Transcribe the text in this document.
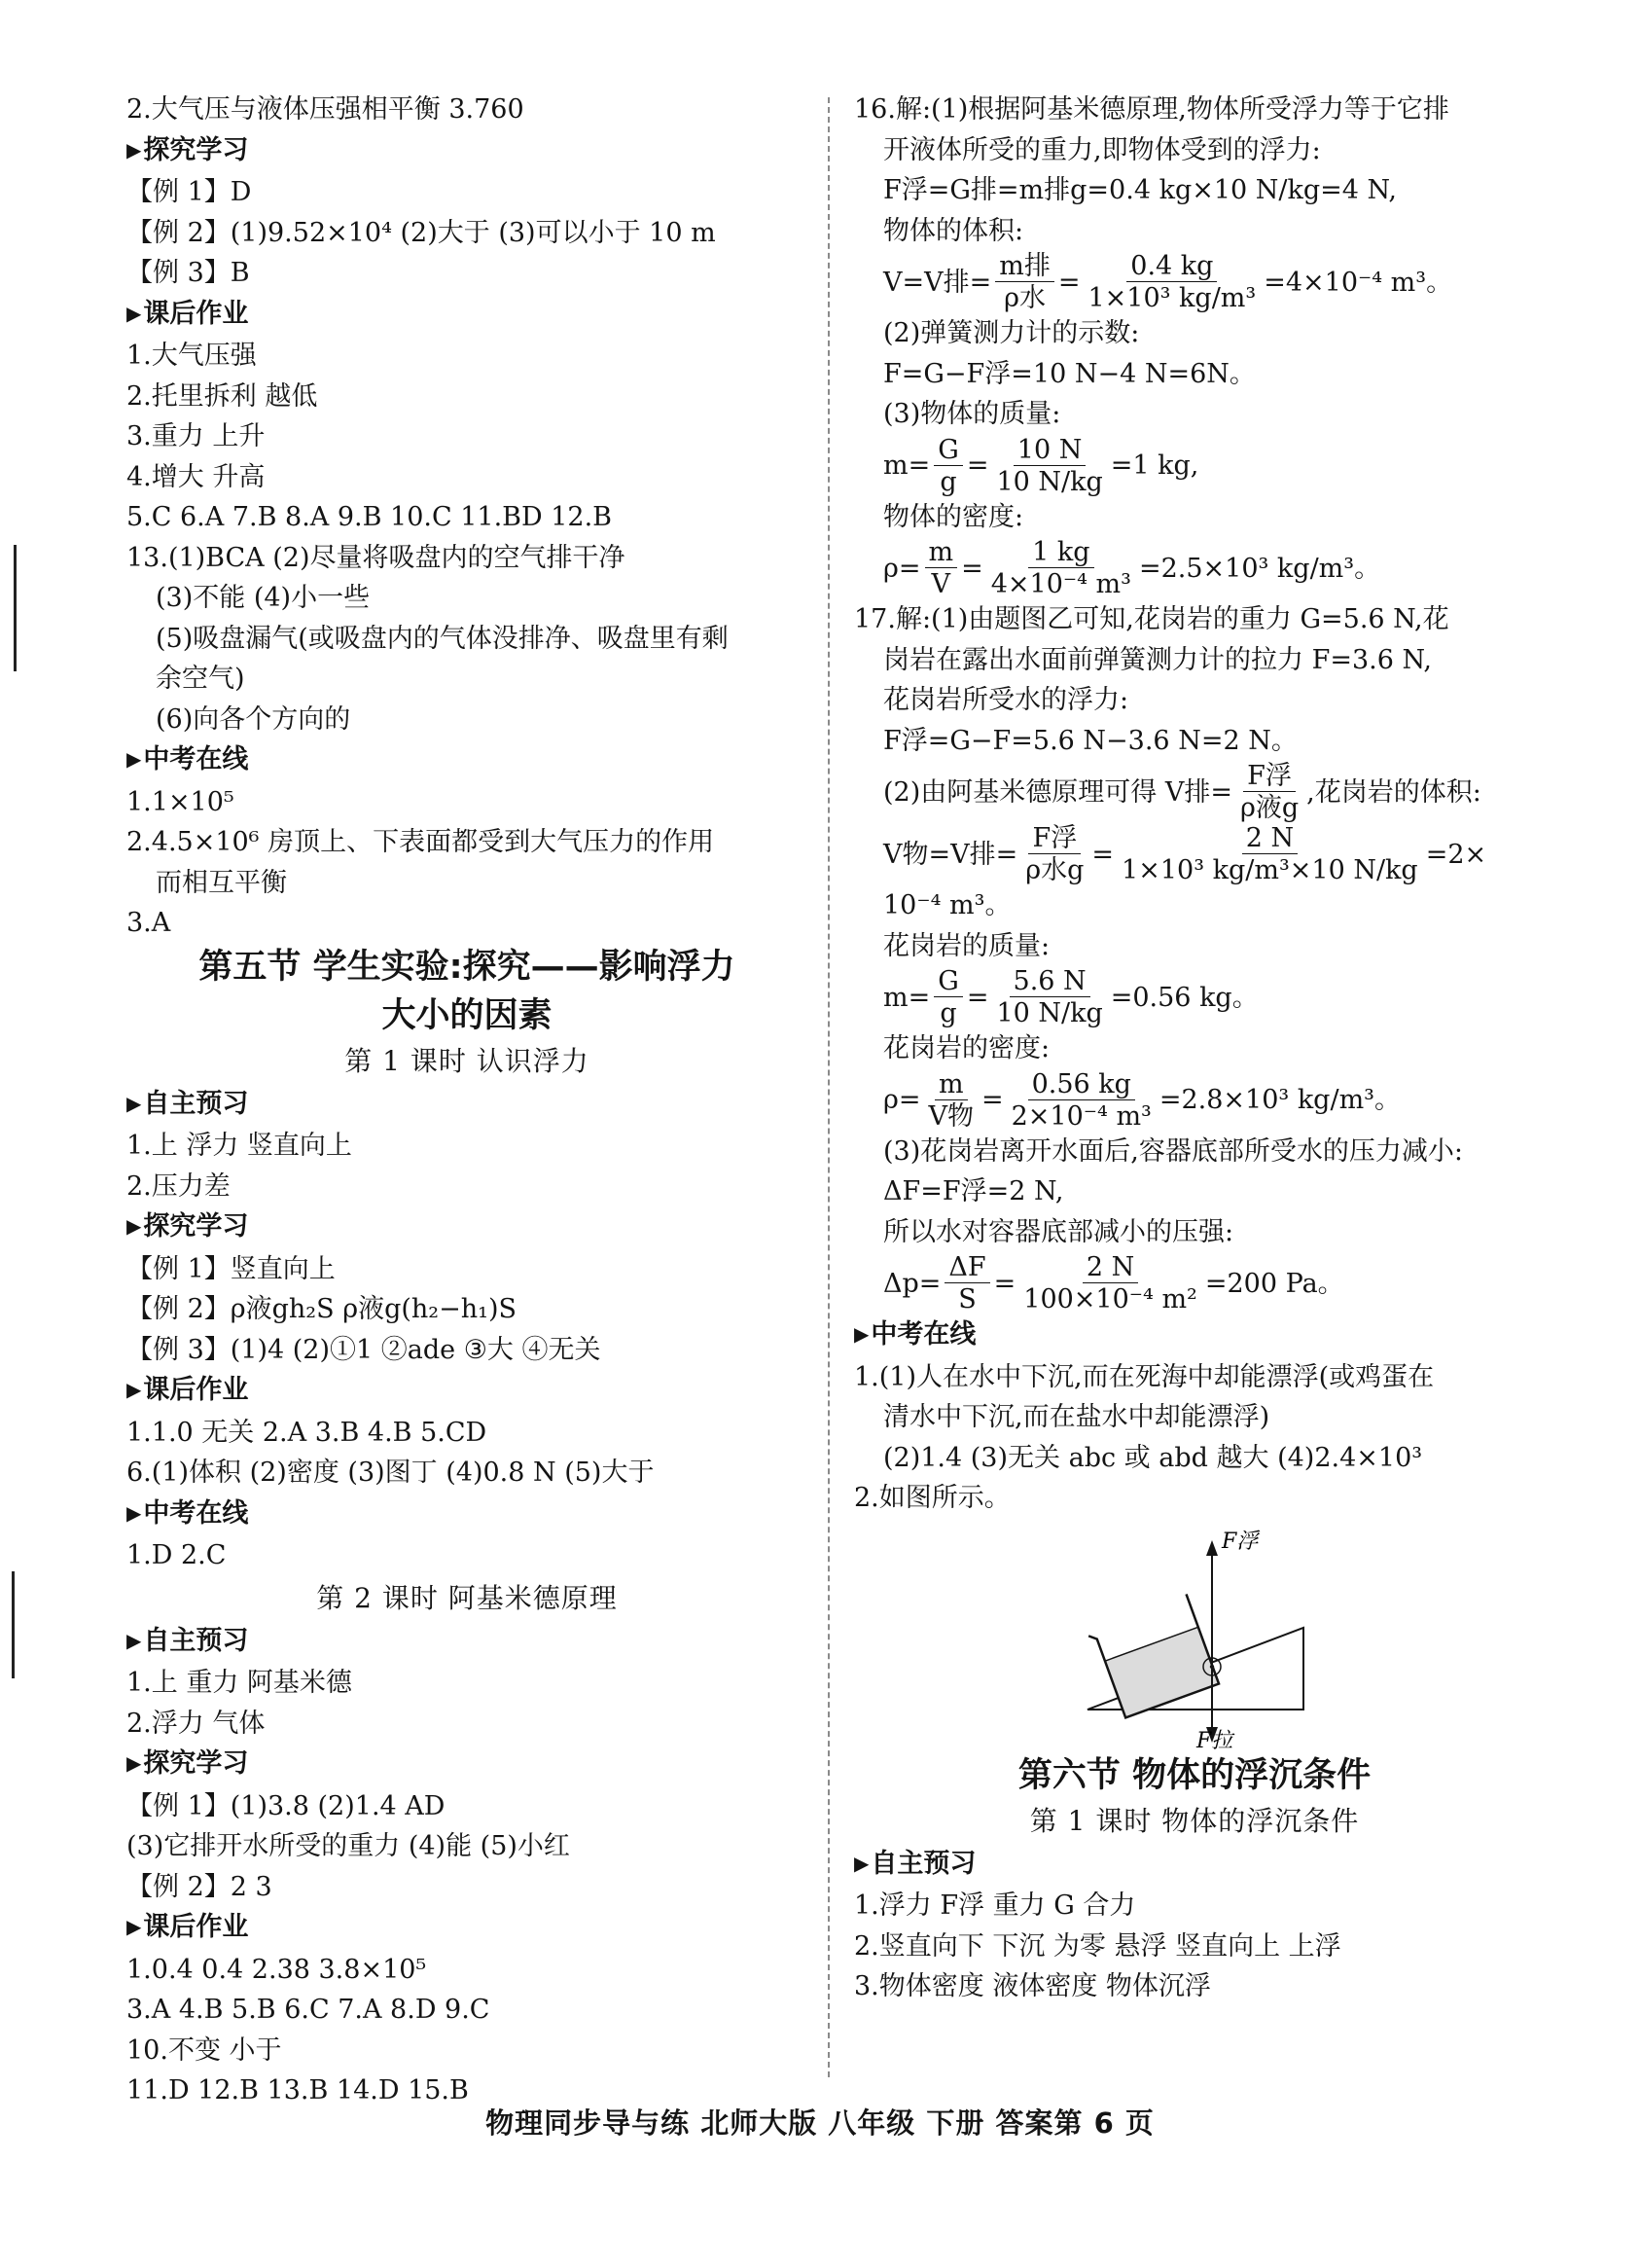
2.大气压与液体压强相平衡 3.760
▶ 探究学习
【例 1】D
【例 2】(1)9.52×10⁴ (2)大于 (3)可以小于 10 m
【例 3】B
▶ 课后作业
1.大气压强
2.托里拆利 越低
3.重力 上升
4.增大 升高
5.C 6.A 7.B 8.A 9.B 10.C 11.BD 12.B
13.(1)BCA (2)尽量将吸盘内的空气排干净
(3)不能 (4)小一些
(5)吸盘漏气(或吸盘内的气体没排净、吸盘里有剩
余空气)
(6)向各个方向的
▶ 中考在线
1.1×10⁵
2.4.5×10⁶ 房顶上、下表面都受到大气压力的作用
而相互平衡
3.A
第五节 学生实验:探究——影响浮力
大小的因素
第 1 课时 认识浮力
▶ 自主预习
1.上 浮力 竖直向上
2.压力差
▶ 探究学习
【例 1】竖直向上
【例 2】ρ液gh₂S ρ液g(h₂−h₁)S
【例 3】(1)4 (2)①1 ②ade ③大 ④无关
▶ 课后作业
1.1.0 无关 2.A 3.B 4.B 5.CD
6.(1)体积 (2)密度 (3)图丁 (4)0.8 N (5)大于
▶ 中考在线
1.D 2.C
第 2 课时 阿基米德原理
▶ 自主预习
1.上 重力 阿基米德
2.浮力 气体
▶ 探究学习
【例 1】(1)3.8 (2)1.4 AD
(3)它排开水所受的重力 (4)能 (5)小红
【例 2】2 3
▶ 课后作业
1.0.4 0.4 2.38 3.8×10⁵
3.A 4.B 5.B 6.C 7.A 8.D 9.C
10.不变 小于
11.D 12.B 13.B 14.D 15.B
16.解:(1)根据阿基米德原理,物体所受浮力等于它排
开液体所受的重力,即物体受到的浮力:
F浮=G排=m排g=0.4 kg×10 N/kg=4 N,
物体的体积:
V=V排= $\frac{\text{m排}}{\text{ρ水}} = \frac{0.4 kg}{\text{1×10³ kg/m³}} =4\times 10^{-4}$ m³。
(2)弹簧测力计的示数:
F=G−F浮=10 N−4 N=6N。
(3)物体的质量:
$m= \frac{G}{g} = \frac{10 N}{10 N/kg} =1$ kg,
物体的密度:
$\rho= \frac{m}{V} = \frac{1 kg}{\text{4×10⁻⁴ m³}} =2.5\times 10^3$ kg/m³。
17.解:(1)由题图乙可知,花岗岩的重力 G=5.6 N,花
岗岩在露出水面前弹簧测力计的拉力 F=3.6 N,
花岗岩所受水的浮力:
F浮=G−F=5.6 N−3.6 N=2 N。
(2)由阿基米德原理可得 V排= $\frac{\text{F浮}}{\text{ρ液g}}$ ,花岗岩的体积:
V物=V排= $\frac{\text{F浮}}{\text{ρ水g}} = \frac{2 N}{\text{1×10³ kg/m³×10 N/kg}} =2\times$
10⁻⁴ m³。
花岗岩的质量:
$m= \frac{G}{g} = \frac{5.6 N}{10 N/kg} =0.56$ kg。
花岗岩的密度:
$\rho= \frac{m}{\text{V物}} = \frac{0.56 kg}{\text{2×10⁻⁴ m³}} =2.8\times 10^3$ kg/m³。
(3)花岗岩离开水面后,容器底部所受水的压力减小:
ΔF=F浮=2 N,
所以水对容器底部减小的压强:
$\Delta p= \frac{\Delta F}{S} = \frac{2 N}{\text{100×10⁻⁴ m²}} =200$ Pa。
▶ 中考在线
1.(1)人在水中下沉,而在死海中却能漂浮(或鸡蛋在
清水中下沉,而在盐水中却能漂浮)
(2)1.4 (3)无关 abc 或 abd 越大 (4)2.4×10³
2.如图所示。
F浮
F拉
第六节 物体的浮沉条件
第 1 课时 物体的浮沉条件
▶ 自主预习
1.浮力 F浮 重力 G 合力
2.竖直向下 下沉 为零 悬浮 竖直向上 上浮
3.物体密度 液体密度 物体沉浮
物理同步导与练 北师大版 八年级 下册 答案第 6 页
